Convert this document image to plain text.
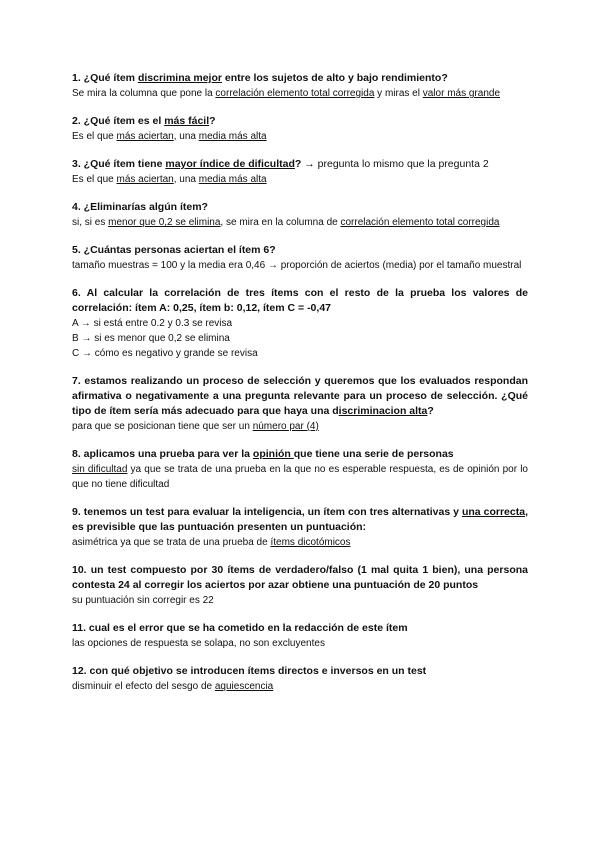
1. ¿Qué ítem discrimina mejor entre los sujetos de alto y bajo rendimiento?
Se mira la columna que pone la correlación elemento total corregida y miras el valor más grande
2. ¿Qué ítem es el más fácil?
Es el que más aciertan, una media más alta
3. ¿Qué ítem tiene mayor índice de dificultad? → pregunta lo mismo que la pregunta 2
Es el que más aciertan, una media más alta
4. ¿Eliminarías algún ítem?
si, si es menor que 0,2 se elimina, se mira en la columna de correlación elemento total corregida
5. ¿Cuántas personas aciertan el ítem 6?
tamaño muestras = 100 y la media era 0,46 → proporción de aciertos (media) por el tamaño muestral
6. Al calcular la correlación de tres ítems con el resto de la prueba los valores de correlación: ítem A: 0,25, ítem b: 0,12, ítem C = -0,47
A → si está entre 0.2 y 0.3 se revisa
B → si es menor que 0,2 se elimina
C → cómo es negativo y grande se revisa
7. estamos realizando un proceso de selección y queremos que los evaluados respondan afirmativa o negativamente a una pregunta relevante para un proceso de selección. ¿Qué tipo de ítem sería más adecuado para que haya una discriminacion alta?
para que se posicionan tiene que ser un número par (4)
8. aplicamos una prueba para ver la opinión que tiene una serie de personas
sin dificultad ya que se trata de una prueba en la que no es esperable respuesta, es de opinión por lo que no tiene dificultad
9. tenemos un test para evaluar la inteligencia, un ítem con tres alternativas y una correcta, es previsible que las puntuación presenten un puntuación:
asimétrica ya que se trata de una prueba de ítems dicotómicos
10. un test compuesto por 30 ítems de verdadero/falso (1 mal quita 1 bien), una persona contesta 24 al corregir los aciertos por azar obtiene una puntuación de 20 puntos
su puntuación sin corregir es 22
11. cual es el error que se ha cometido en la redacción de este ítem
las opciones de respuesta se solapa, no son excluyentes
12. con qué objetivo se introducen ítems directos e inversos en un test
disminuir el efecto del sesgo de aquiescencia
